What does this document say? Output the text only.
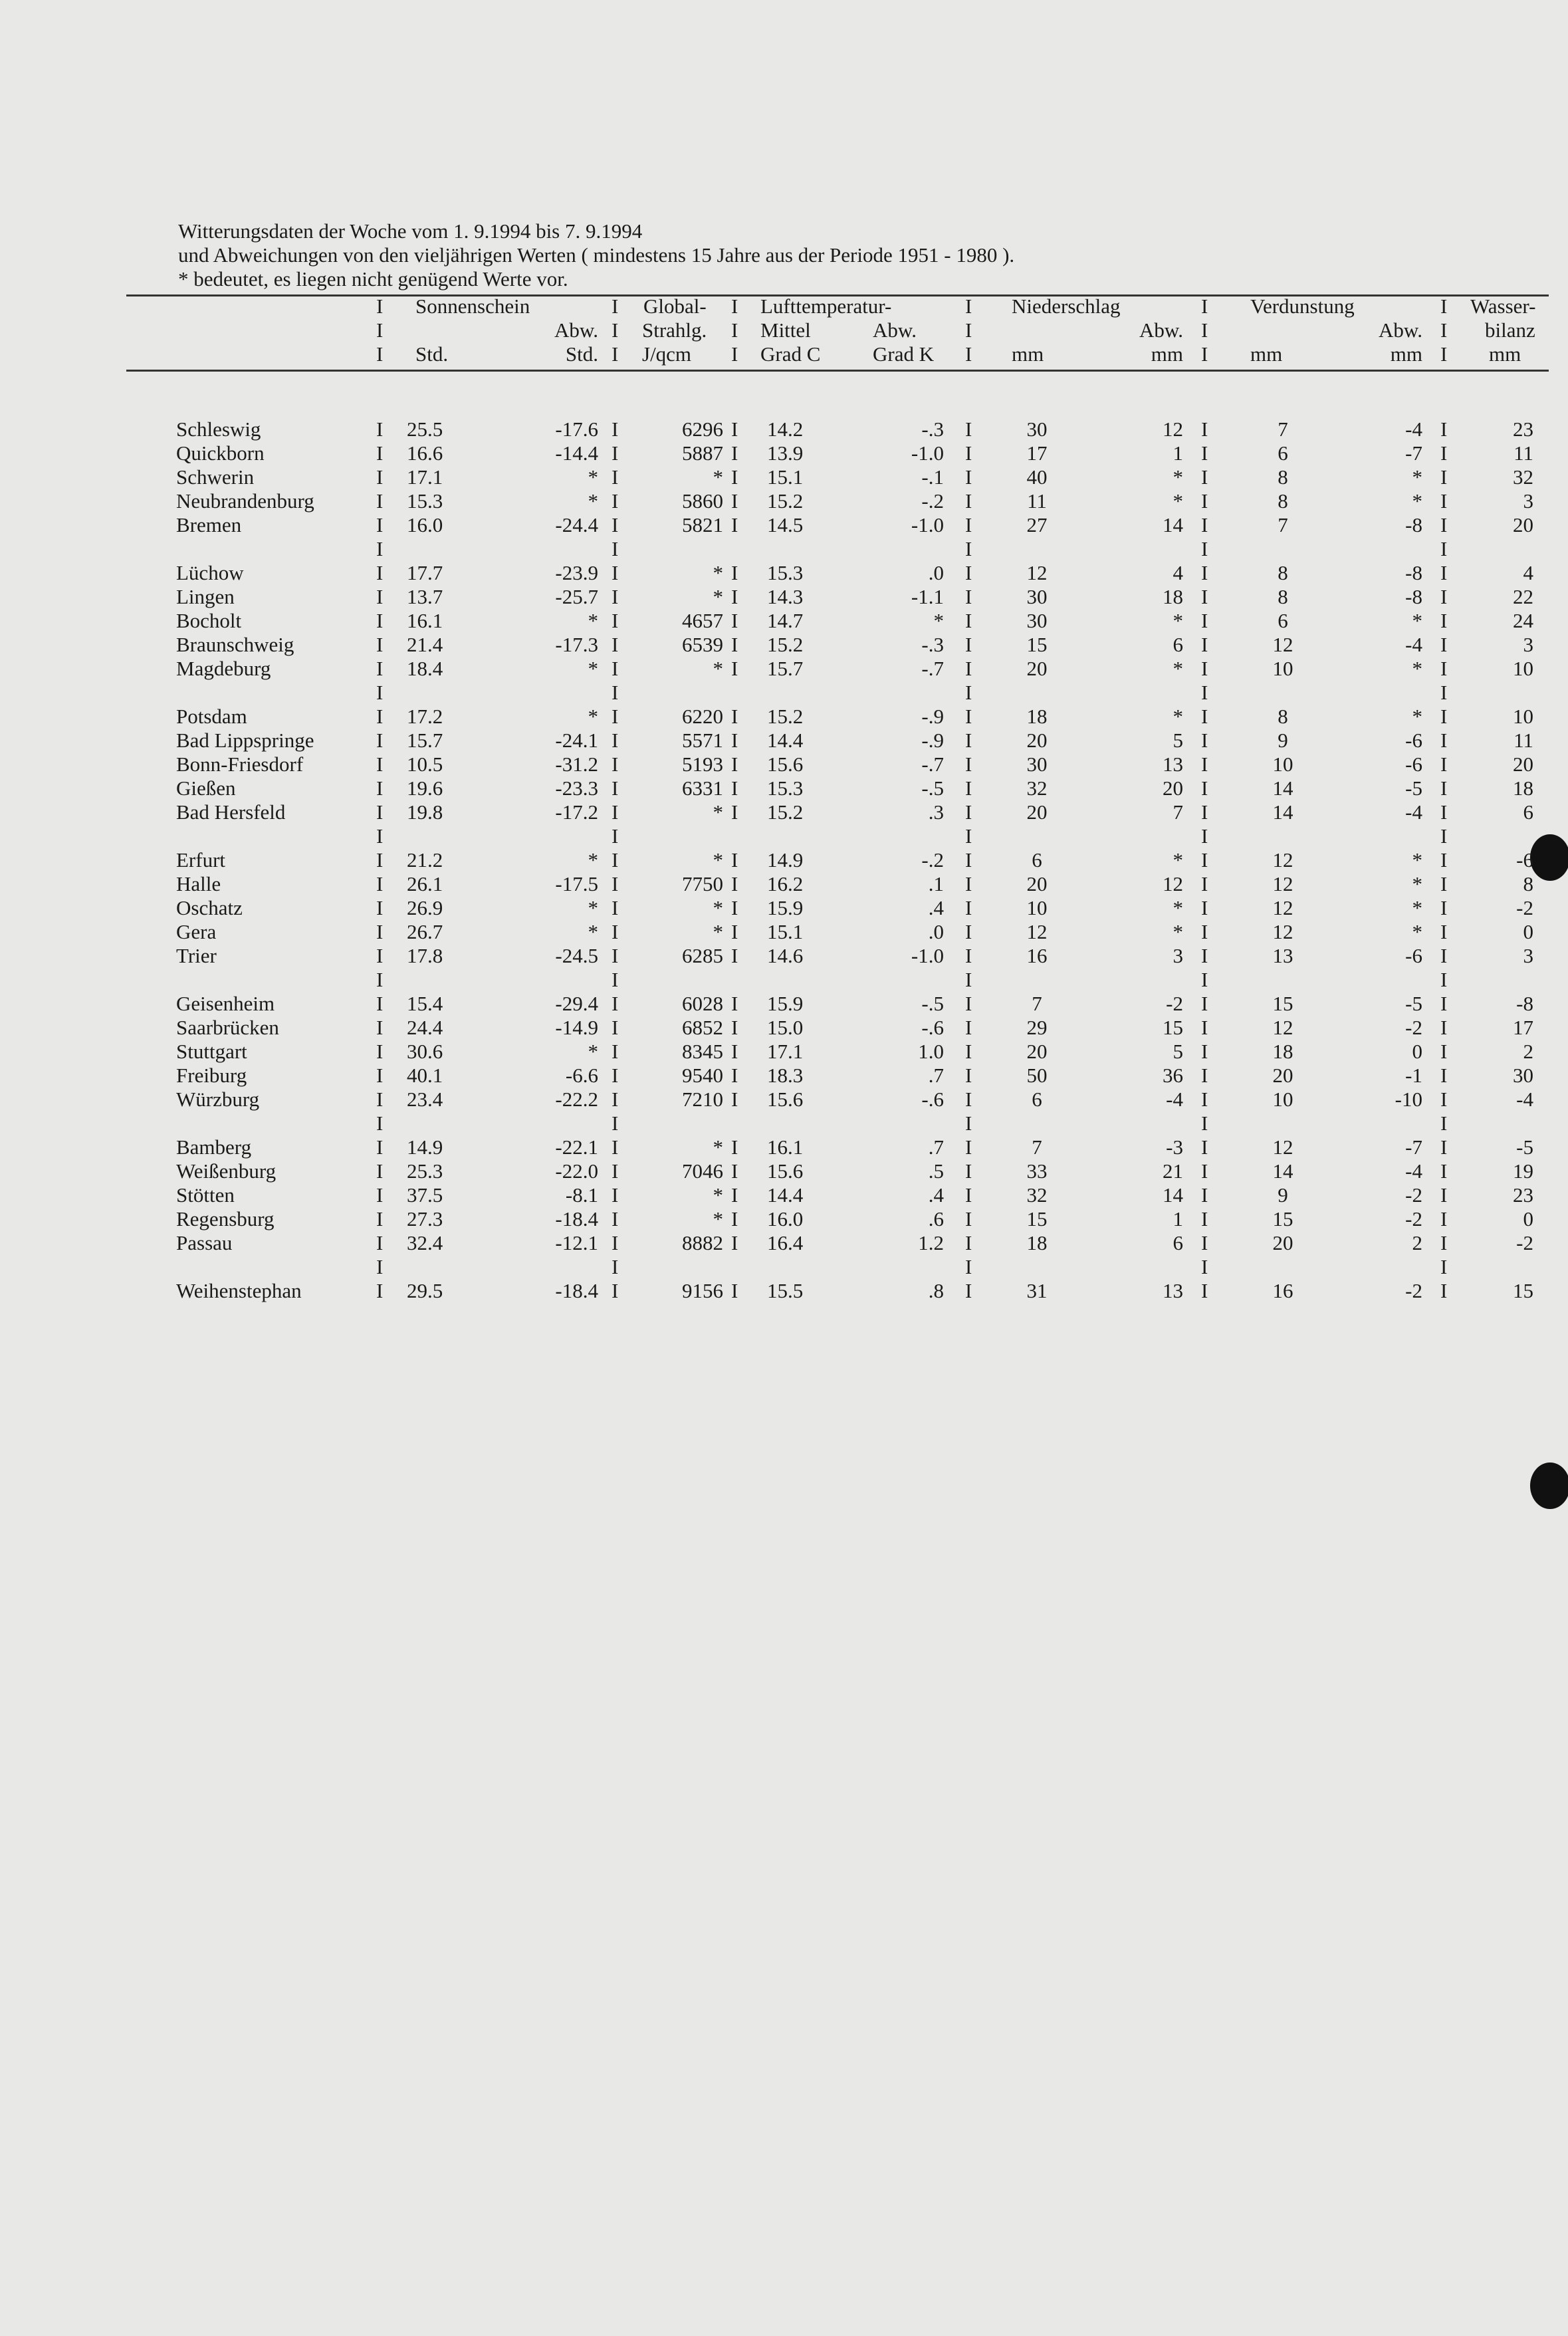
Witterungsdaten der Woche vom 1. 9.1994 bis 7. 9.1994
und Abweichungen von den vieljährigen Werten ( mindestens 15 Jahre aus der Periode 1951 - 1980 ).
* bedeutet, es liegen nicht genügend Werte vor.
I Sonnenschein	I Global- I Lufttemperatur-	I Niederschlag	I Verdunstung	I Wasser-
I	Abw. I Strahlg. I Mittel	Abw. I	Abw. I	Abw. I bilanz
I Std.	Std. I J/qcm I Grad C	Grad K I mm	mm I mm	mm I mm
Schleswig	25.5	-17.6	6296 14.2	-.3	30	12	7	-4	23
I	I	I	I	I	I
Quickborn	16.6	-14.4	5887 13.9	-1.0	17	1	6	-7	11
I	I	I	I	I	I
Schwerin	17.1	*	* 15.1	-.1	40	*	8	*	32
I	I	I	I	I	I
Neubrandenburg	15.3	*	5860 15.2	-.2	11	*	8	*	3
I	I	I	I	I	I
Bremen	16.0	-24.4	5821 14.5	-1.0	27	14	7	-8	20
I	I	I	I	I	I
I	I	I	I	I
Lüchow	17.7	-23.9	* 15.3	.0	12	4	8	-8	4
I	I	I	I	I	I
Lingen	13.7	-25.7	* 14.3	-1.1	30	18	8	-8	22
I	I	I	I	I	I
Bocholt	16.1	*	4657 14.7	*	30	*	6	*	24
I	I	I	I	I	I
Braunschweig	21.4	-17.3	6539 15.2	-.3	15	6	12	-4	3
I	I	I	I	I	I
Magdeburg	18.4	*	* 15.7	-.7	20	*	10	*	10
I	I	I	I	I	I
I	I	I	I	I
Potsdam	17.2	*	6220 15.2	-.9	18	*	8	*	10
I	I	I	I	I	I
Bad Lippspringe	15.7	-24.1	5571 14.4	-.9	20	5	9	-6	11
I	I	I	I	I	I
Bonn-Friesdorf	10.5	-31.2	5193 15.6	-.7	30	13	10	-6	20
I	I	I	I	I	I
Gießen	19.6	-23.3	6331 15.3	-.5	32	20	14	-5	18
I	I	I	I	I	I
Bad Hersfeld	19.8	-17.2	* 15.2	.3	20	7	14	-4	6
I	I	I	I	I	I
I	I	I	I	I
Erfurt	21.2	*	* 14.9	-.2	6	*	12	*	-6
I	I	I	I	I	I
Halle	26.1	-17.5	7750 16.2	.1	20	12	12	*	8
I	I	I	I	I	I
Oschatz	26.9	*	* 15.9	.4	10	*	12	*	-2
I	I	I	I	I	I
Gera	26.7	*	* 15.1	.0	12	*	12	*	0
I	I	I	I	I	I
Trier	17.8	-24.5	6285 14.6	-1.0	16	3	13	-6	3
I	I	I	I	I	I
I	I	I	I	I
Geisenheim	15.4	-29.4	6028 15.9	-.5	7	-2	15	-5	-8
I	I	I	I	I	I
Saarbrücken	24.4	-14.9	6852 15.0	-.6	29	15	12	-2	17
I	I	I	I	I	I
Stuttgart	30.6	*	8345 17.1	1.0	20	5	18	0	2
I	I	I	I	I	I
Freiburg	40.1	-6.6	9540 18.3	.7	50	36	20	-1	30
I	I	I	I	I	I
Würzburg	23.4	-22.2	7210 15.6	-.6	6	-4	10	-10	-4
I	I	I	I	I	I
I	I	I	I	I
Bamberg	14.9	-22.1	* 16.1	.7	7	-3	12	-7	-5
I	I	I	I	I	I
Weißenburg	25.3	-22.0	7046 15.6	.5	33	21	14	-4	19
I	I	I	I	I	I
Stötten	37.5	-8.1	* 14.4	.4	32	14	9	-2	23
I	I	I	I	I	I
Regensburg	27.3	-18.4	* 16.0	.6	15	1	15	-2	0
I	I	I	I	I	I
Passau	32.4	-12.1	8882 16.4	1.2	18	6	20	2	-2
I	I	I	I	I	I
I	I	I	I	I
Weihenstephan	29.5	-18.4	9156 15.5	.8	31	13	16	-2	15
I	I	I	I	I	I
